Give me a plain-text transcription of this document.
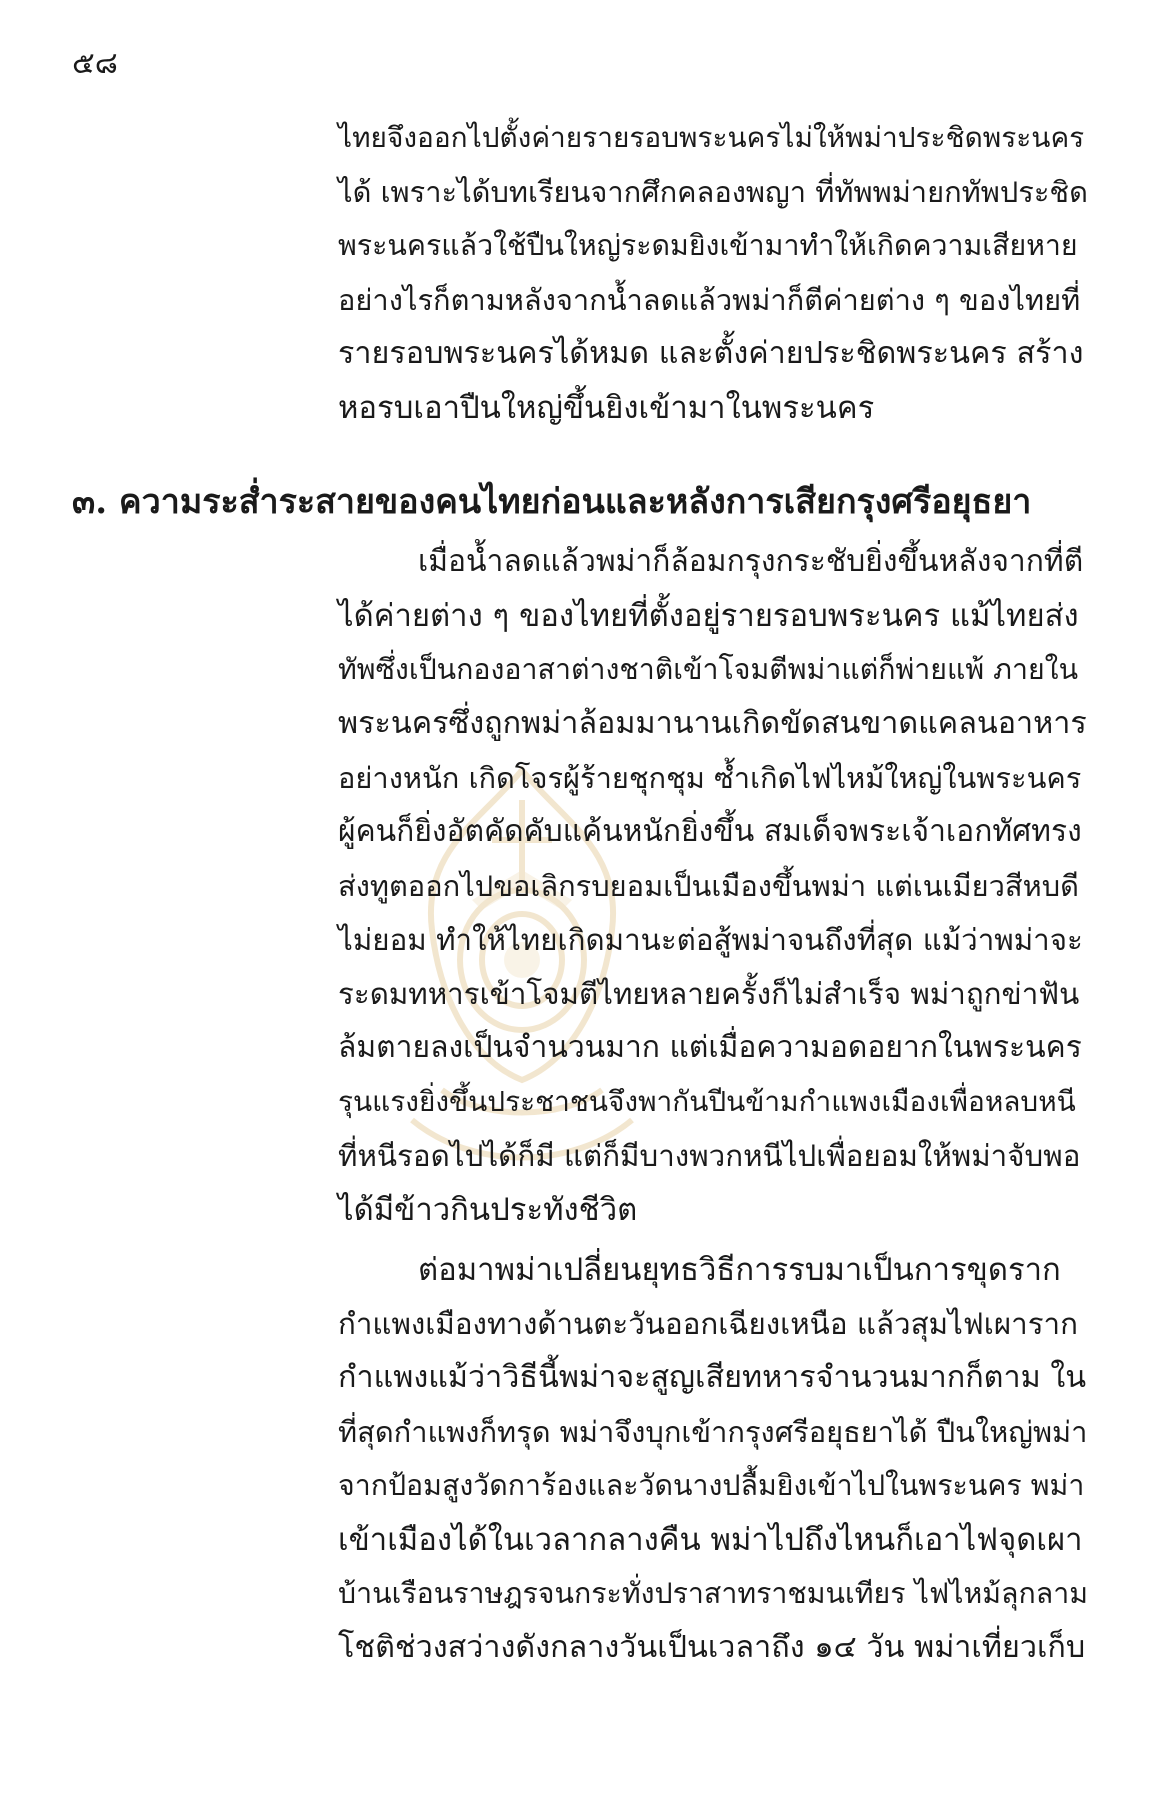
๕๘
ไทยจึงออกไปตั้งค่ายรายรอบพระนครไม่ให้พม่าประชิดพระนคร
ได้ เพราะได้บทเรียนจากศึกคลองพญา ที่ทัพพม่ายกทัพประชิด
พระนครแล้วใช้ปืนใหญ่ระดมยิงเข้ามาทำให้เกิดความเสียหาย
อย่างไรก็ตามหลังจากน้ำลดแล้วพม่าก็ตีค่ายต่าง ๆ ของไทยที่
รายรอบพระนครได้หมด และตั้งค่ายประชิดพระนคร สร้าง
หอรบเอาปืนใหญ่ขึ้นยิงเข้ามาในพระนคร
๓. ความระส่ำระสายของคนไทยก่อนและหลังการเสียกรุงศรีอยุธยา
เมื่อน้ำลดแล้วพม่าก็ล้อมกรุงกระชับยิ่งขึ้นหลังจากที่ตี
ได้ค่ายต่าง ๆ ของไทยที่ตั้งอยู่รายรอบพระนคร แม้ไทยส่ง
ทัพซึ่งเป็นกองอาสาต่างชาติเข้าโจมตีพม่าแต่ก็พ่ายแพ้ ภายใน
พระนครซึ่งถูกพม่าล้อมมานานเกิดขัดสนขาดแคลนอาหาร
อย่างหนัก เกิดโจรผู้ร้ายชุกชุม ซ้ำเกิดไฟไหม้ใหญ่ในพระนคร
ผู้คนก็ยิ่งอัตคัดคับแค้นหนักยิ่งขึ้น สมเด็จพระเจ้าเอกทัศทรง
ส่งทูตออกไปขอเลิกรบยอมเป็นเมืองขึ้นพม่า แต่เนเมียวสีหบดี
ไม่ยอม ทำให้ไทยเกิดมานะต่อสู้พม่าจนถึงที่สุด แม้ว่าพม่าจะ
ระดมทหารเข้าโจมตีไทยหลายครั้งก็ไม่สำเร็จ พม่าถูกข่าฟัน
ล้มตายลงเป็นจำนวนมาก แต่เมื่อความอดอยากในพระนคร
รุนแรงยิ่งขึ้นประชาชนจึงพากันปีนข้ามกำแพงเมืองเพื่อหลบหนี
ที่หนีรอดไปได้ก็มี แต่ก็มีบางพวกหนีไปเพื่อยอมให้พม่าจับพอ
ได้มีข้าวกินประทังชีวิต
ต่อมาพม่าเปลี่ยนยุทธวิธีการรบมาเป็นการขุดราก
กำแพงเมืองทางด้านตะวันออกเฉียงเหนือ แล้วสุมไฟเผาราก
กำแพงแม้ว่าวิธีนี้พม่าจะสูญเสียทหารจำนวนมากก็ตาม ใน
ที่สุดกำแพงก็ทรุด พม่าจึงบุกเข้ากรุงศรีอยุธยาได้ ปืนใหญ่พม่า
จากป้อมสูงวัดการ้องและวัดนางปลื้มยิงเข้าไปในพระนคร พม่า
เข้าเมืองได้ในเวลากลางคืน พม่าไปถึงไหนก็เอาไฟจุดเผา
บ้านเรือนราษฎรจนกระทั่งปราสาทราชมนเทียร ไฟไหม้ลุกลาม
โชติช่วงสว่างดังกลางวันเป็นเวลาถึง ๑๔ วัน พม่าเที่ยวเก็บ
